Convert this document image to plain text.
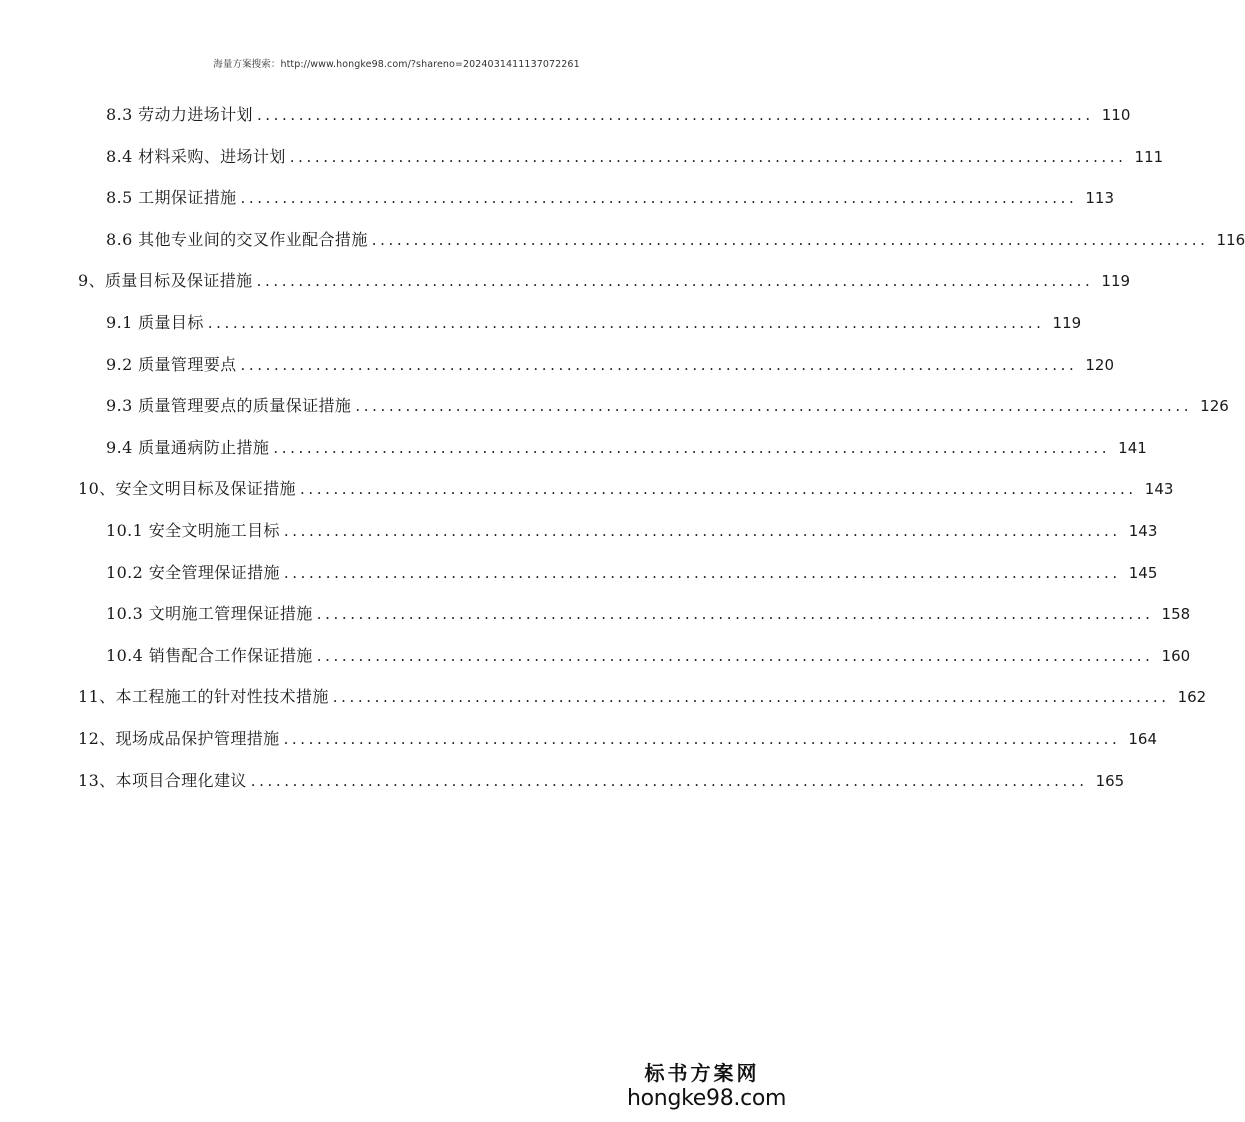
海量方案搜索：http://www.hongke98.com/?shareno=2024031411137072261
8.3 劳动力进场计划 .................................................................................................... 110
8.4 材料采购、进场计划 .................................................................................................... 111
8.5 工期保证措施 .................................................................................................... 113
8.6 其他专业间的交叉作业配合措施 .................................................................................................... 116
9、质量目标及保证措施 .................................................................................................... 119
9.1 质量目标 .................................................................................................... 119
9.2 质量管理要点 .................................................................................................... 120
9.3 质量管理要点的质量保证措施 .................................................................................................... 126
9.4 质量通病防止措施 .................................................................................................... 141
10、安全文明目标及保证措施 .................................................................................................... 143
10.1 安全文明施工目标 .................................................................................................... 143
10.2 安全管理保证措施 .................................................................................................... 145
10.3 文明施工管理保证措施 .................................................................................................... 158
10.4 销售配合工作保证措施 .................................................................................................... 160
11、本工程施工的针对性技术措施 .................................................................................................... 162
12、现场成品保护管理措施 .................................................................................................... 164
13、本项目合理化建议 .................................................................................................... 165
标书方案网
hongke98.com
